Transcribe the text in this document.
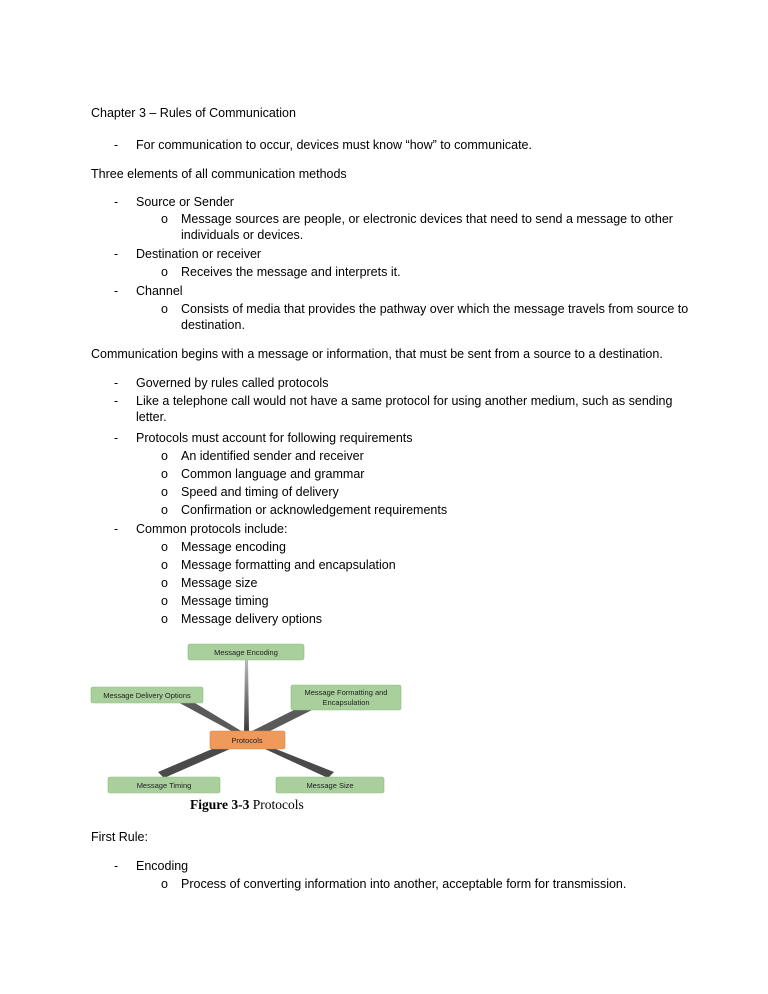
Chapter 3 – Rules of Communication
- For communication to occur, devices must know “how” to communicate.
Three elements of all communication methods
- Source or Sender
o Message sources are people, or electronic devices that need to send a message to other individuals or devices.
- Destination or receiver
o Receives the message and interprets it.
- Channel
o Consists of media that provides the pathway over which the message travels from source to destination.
Communication begins with a message or information, that must be sent from a source to a destination.
- Governed by rules called protocols
- Like a telephone call would not have a same protocol for using another medium, such as sending letter.
- Protocols must account for following requirements
o An identified sender and receiver
o Common language and grammar
o Speed and timing of delivery
o Confirmation or acknowledgement requirements
- Common protocols include:
o Message encoding
o Message formatting and encapsulation
o Message size
o Message timing
o Message delivery options
Message Encoding
Message Delivery Options	Message Formatting and
Encapsulation
Protocols
Message Timing	Message Size
Figure 3-3 Protocols
First Rule:
- Encoding
o Process of converting information into another, acceptable form for transmission.
